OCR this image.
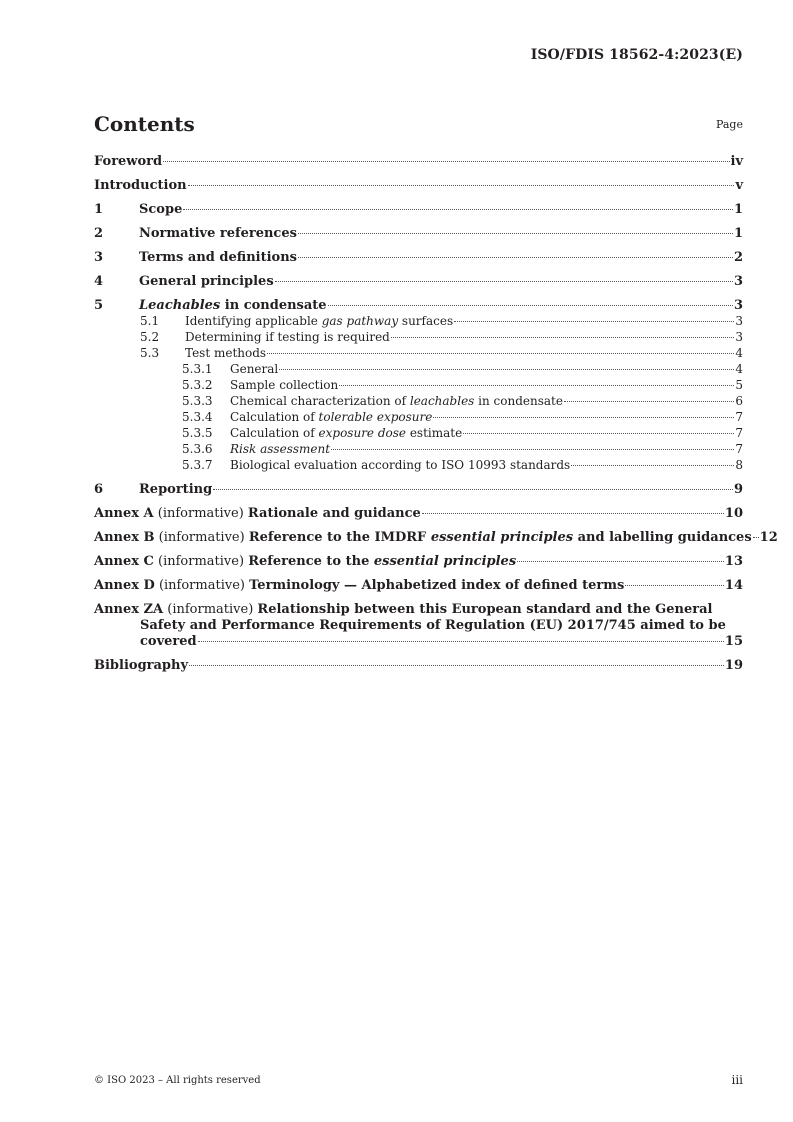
ISO/FDIS 18562-4:2023(E)
Contents	Page
Foreword	iv
Introduction	v
1	Scope	1
2	Normative references	1
3	Terms and definitions	2
4	General principles	3
5	Leachables in condensate	3
5.1	Identifying applicable gas pathway surfaces	3
5.2	Determining if testing is required	3
5.3	Test methods	4
5.3.1	General	4
5.3.2	Sample collection	5
5.3.3	Chemical characterization of leachables in condensate	6
5.3.4	Calculation of tolerable exposure	7
5.3.5	Calculation of exposure dose estimate	7
5.3.6	Risk assessment	7
5.3.7	Biological evaluation according to ISO 10993 standards	8
6	Reporting	9
Annex A (informative) Rationale and guidance	10
Annex B (informative) Reference to the IMDRF essential principles and labelling guidances 12
Annex C (informative) Reference to the essential principles	13
Annex D (informative) Terminology — Alphabetized index of defined terms	14
Annex ZA (informative) Relationship between this European standard and the General
Safety and Performance Requirements of Regulation (EU) 2017/745 aimed to be
covered	15
Bibliography	19
© ISO 2023 – All rights reserved	iii
